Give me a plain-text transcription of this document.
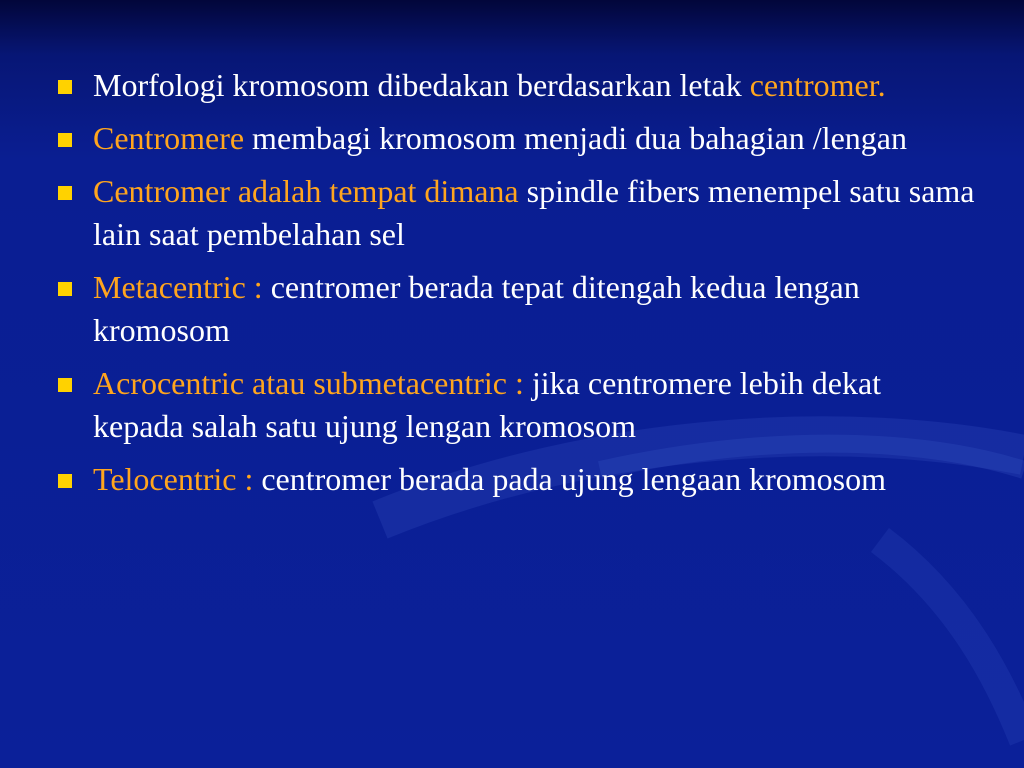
Morfologi kromosom dibedakan berdasarkan letak centromer.
Centromere membagi kromosom menjadi dua bahagian /lengan
Centromer adalah tempat dimana spindle fibers menempel satu sama lain saat pembelahan sel
Metacentric : centromer berada tepat ditengah kedua lengan kromosom
Acrocentric atau submetacentric : jika centromere lebih dekat kepada salah satu ujung lengan kromosom
Telocentric : centromer berada pada ujung lengaan kromosom
